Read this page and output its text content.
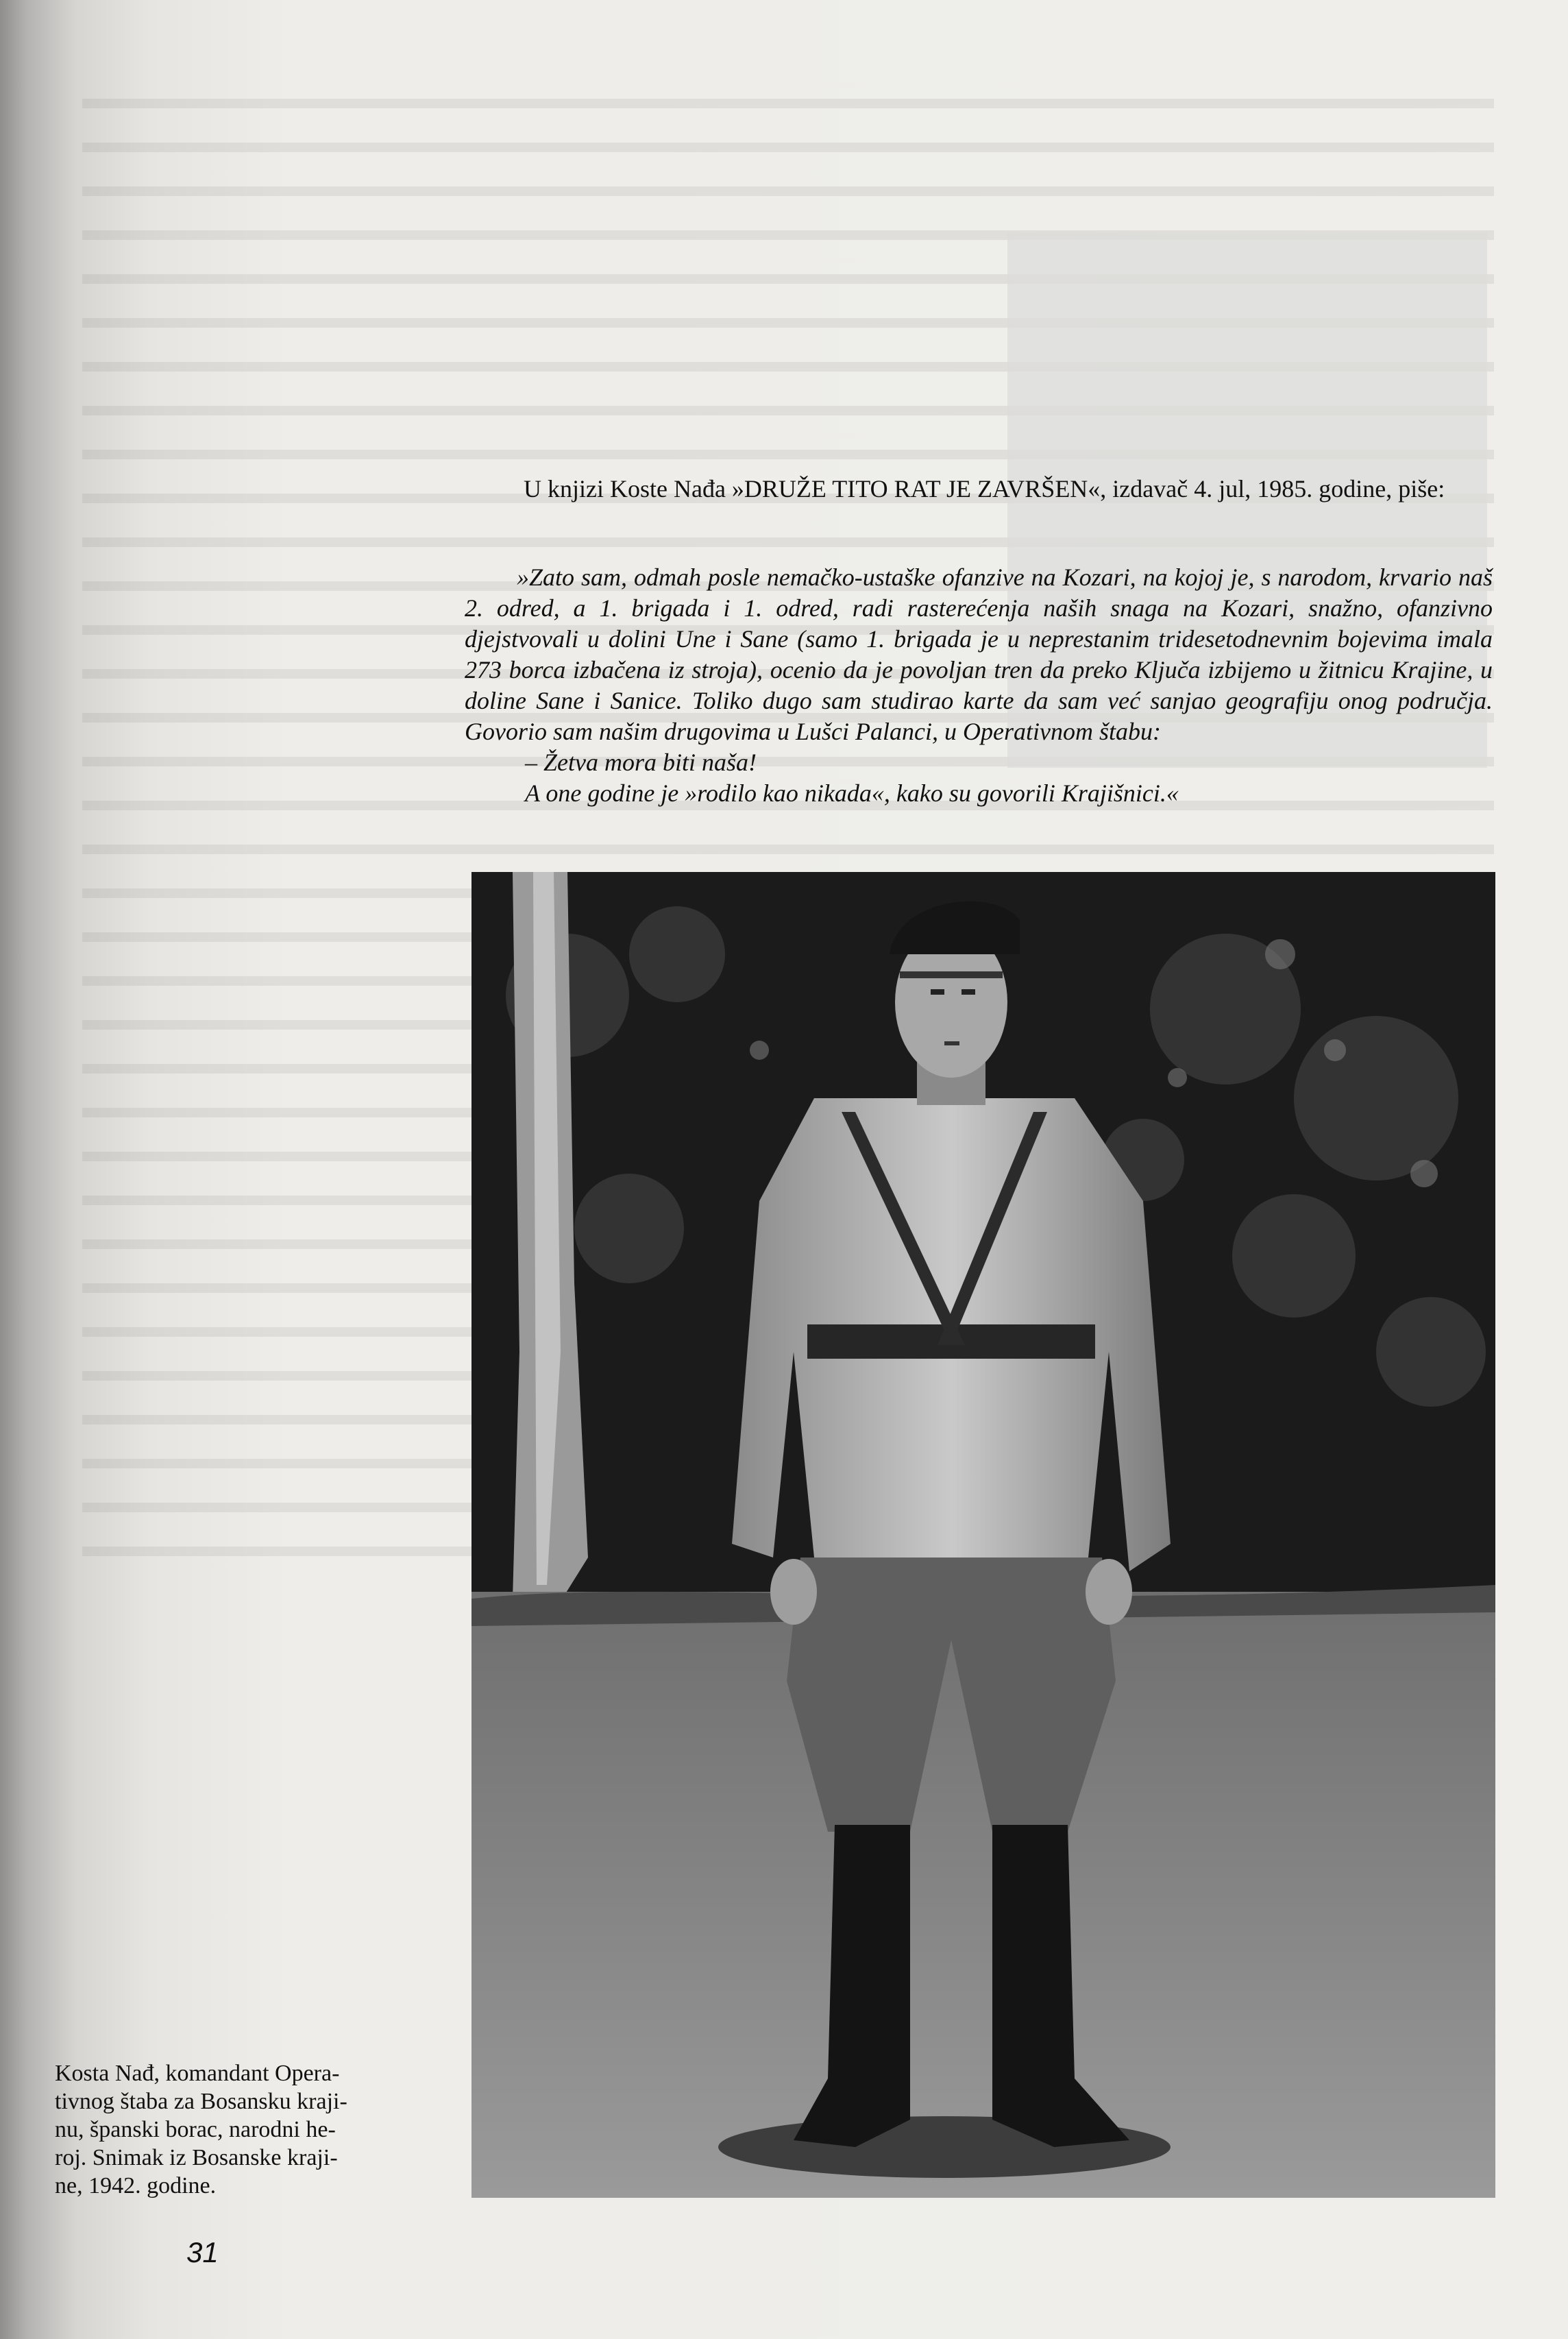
U knjizi Koste Nađa »DRUŽE TITO RAT JE ZAVRŠEN«, izdavač 4. jul, 1985. godine, piše:

»Zato sam, odmah posle nemačko-ustaške ofanzive na Kozari, na kojoj je, s narodom, krvario naš 2. odred, a 1. brigada i 1. odred, radi rasterećenja naših snaga na Kozari, snažno, ofanzivno djejstvovali u dolini Une i Sane (samo 1. brigada je u neprestanim tridesetodnevnim bojevima imala 273 borca izbačena iz stroja), ocenio da je povoljan tren da preko Ključa izbijemo u žitnicu Krajine, u doline Sane i Sanice. Toliko dugo sam studirao karte da sam već sanjao geografiju onog područja. Govorio sam našim drugovima u Lušci Palanci, u Operativnom štabu:

– Žetva mora biti naša!

A one godine je »rodilo kao nikada«, kako su govorili Krajišnici.«

Kosta Nađ, komandant Opera-
tivnog štaba za Bosansku kraji-
nu, španski borac, narodni he-
roj. Snimak iz Bosanske kraji-
ne, 1942. godine.
31
